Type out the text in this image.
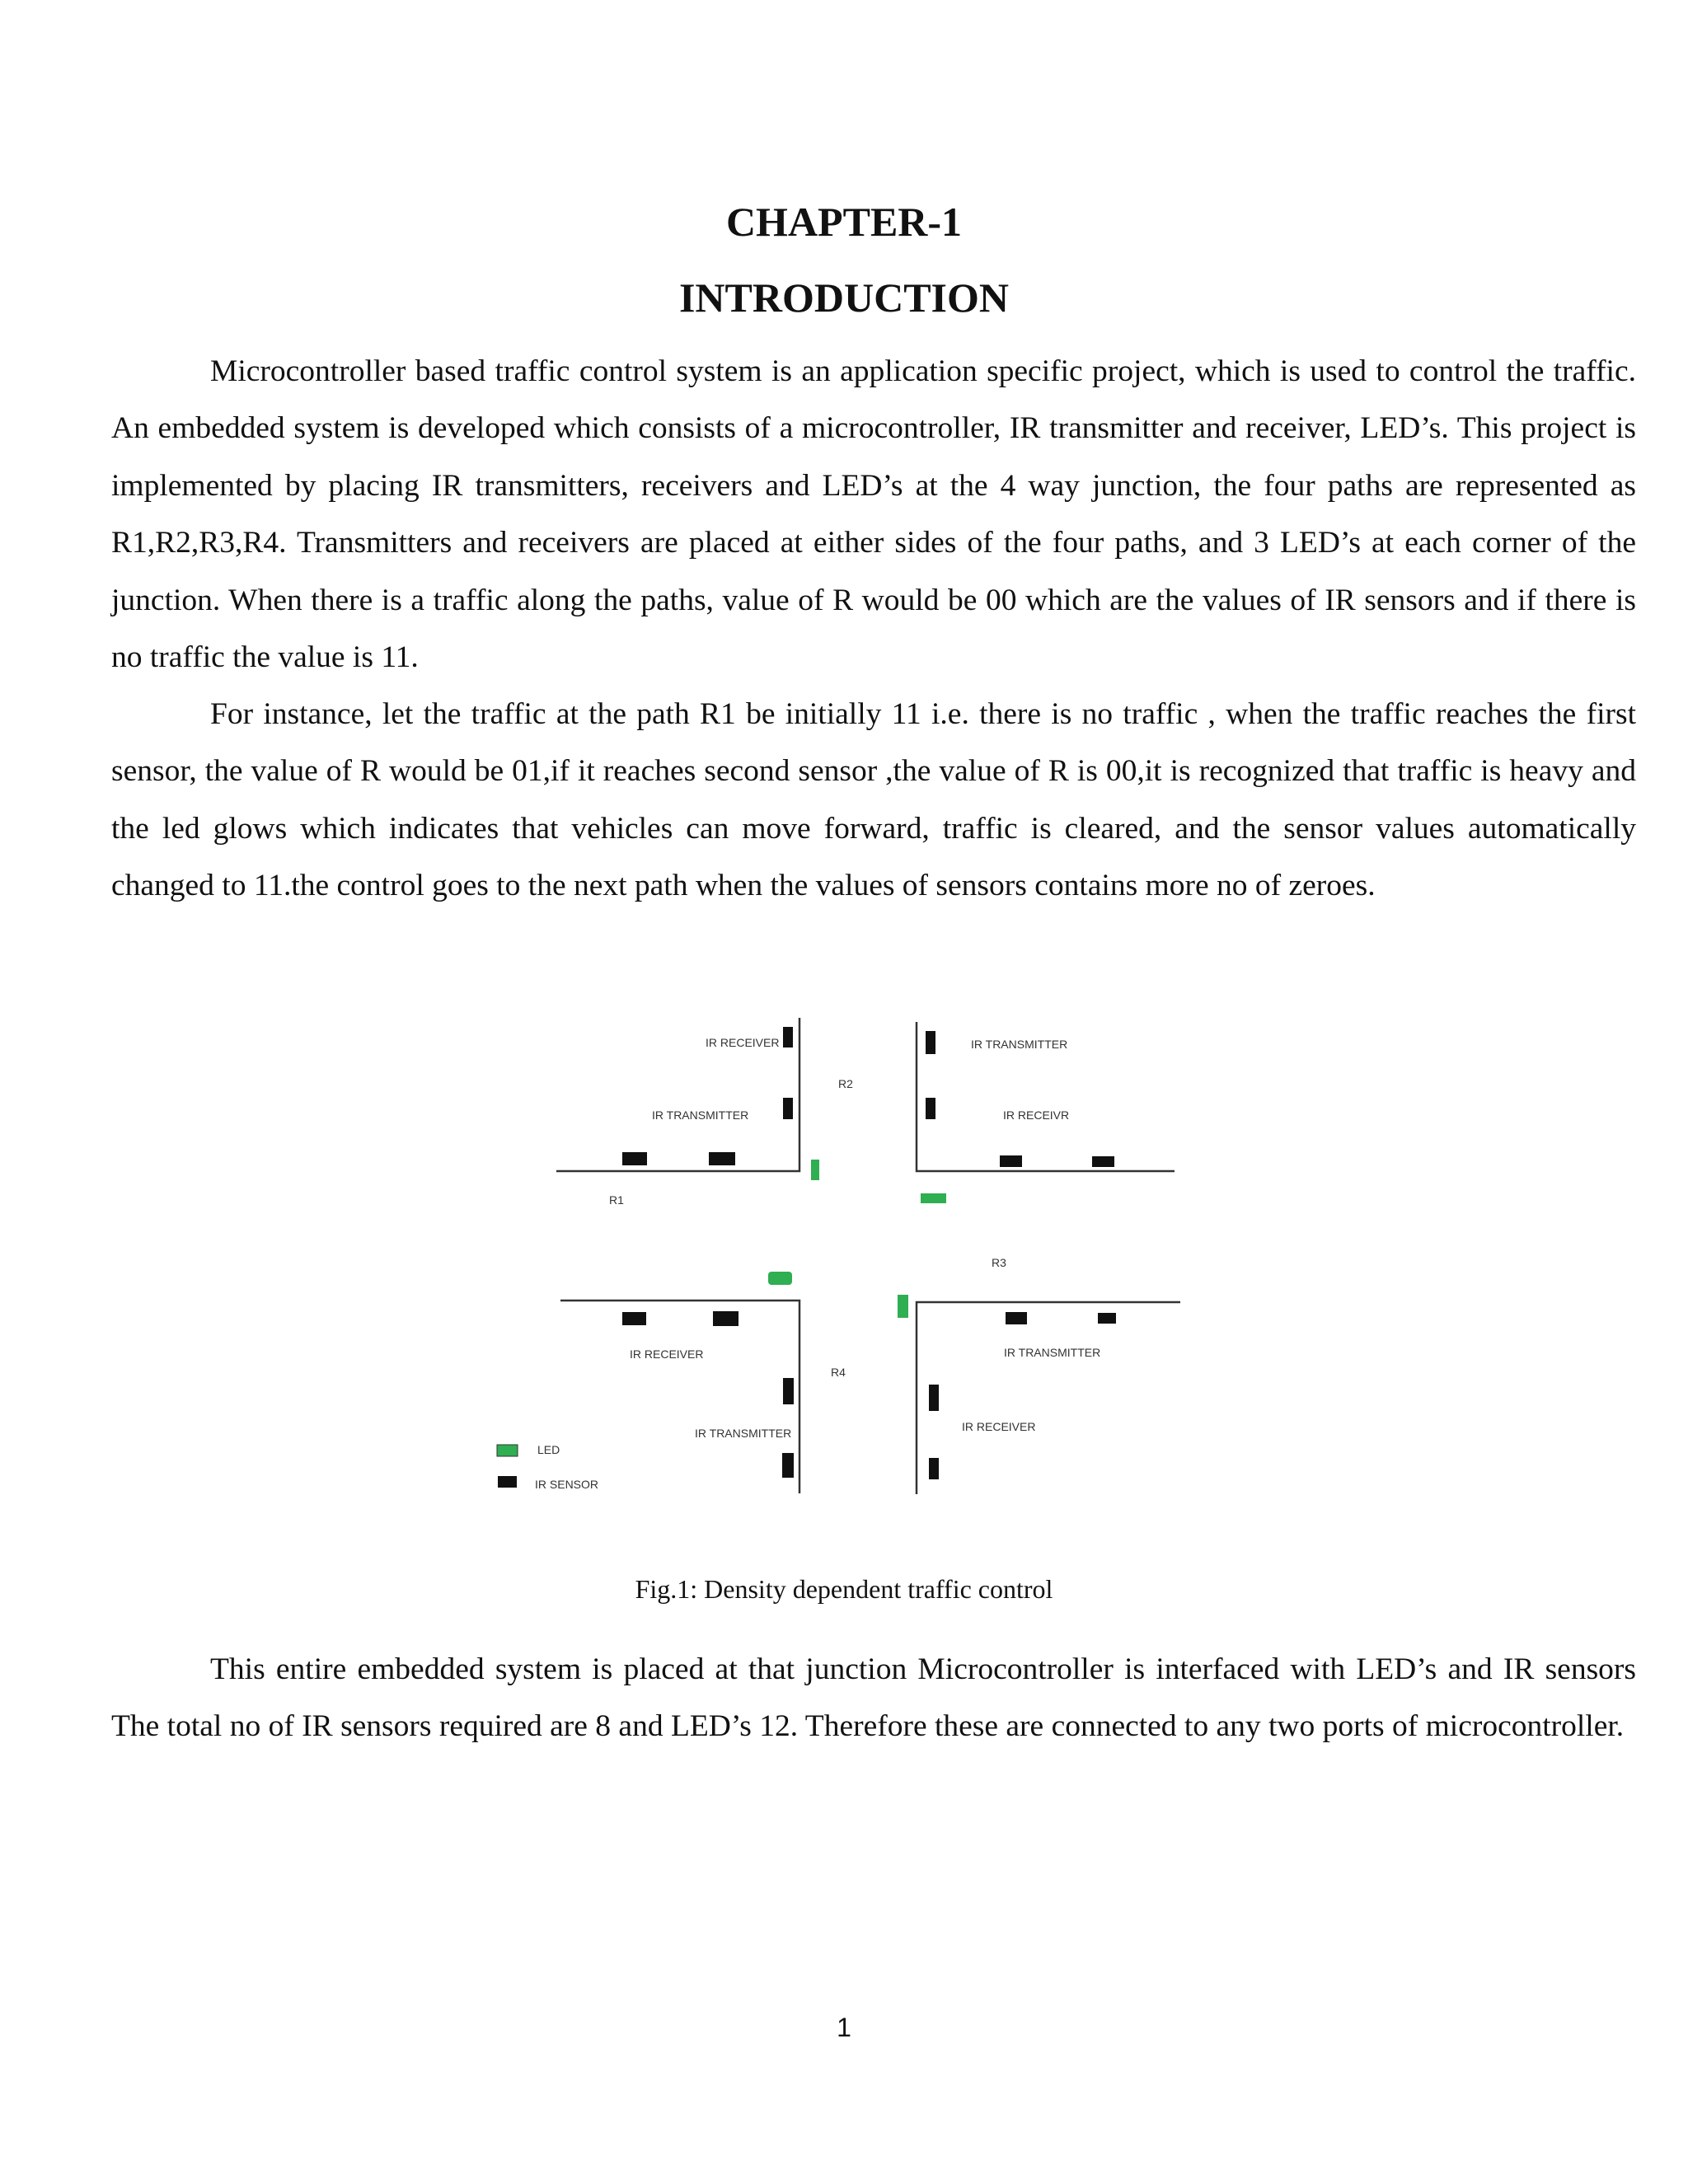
CHAPTER-1
INTRODUCTION

Microcontroller based traffic control system is an application specific project, which is used to control the traffic. An embedded system is developed which consists of a microcontroller, IR transmitter and receiver, LED’s. This project is implemented by placing IR transmitters, receivers and LED’s at the 4 way junction, the four paths are represented as R1,R2,R3,R4. Transmitters and receivers are placed at either sides of the four paths, and 3 LED’s at each corner of the junction. When there is a traffic along the paths, value of R would be 00 which are the values of IR sensors and if there is no traffic the value is 11.

For instance, let the traffic at the path R1 be initially 11 i.e. there is no traffic , when the traffic reaches the first sensor, the value of R would be 01,if it reaches second sensor ,the value of R is 00,it is recognized that traffic is heavy and the led glows which indicates that vehicles can move forward, traffic is cleared, and the sensor values automatically changed to 11.the control goes to the next path when the values of sensors contains more no of zeroes.

IR RECEIVER
IR TRANSMITTER
IR TRANSMITTER
IR RECEIVR
IR RECEIVER
IR TRANSMITTER
IR TRANSMITTER
IR RECEIVER
R1
R2
R3
R4
LED
IR SENSOR

Fig.1: Density dependent traffic control

This entire embedded system is placed at that junction Microcontroller is interfaced with LED’s and IR sensors The total no of IR sensors required are 8 and LED’s 12. Therefore these are connected to any two ports of microcontroller.

1
